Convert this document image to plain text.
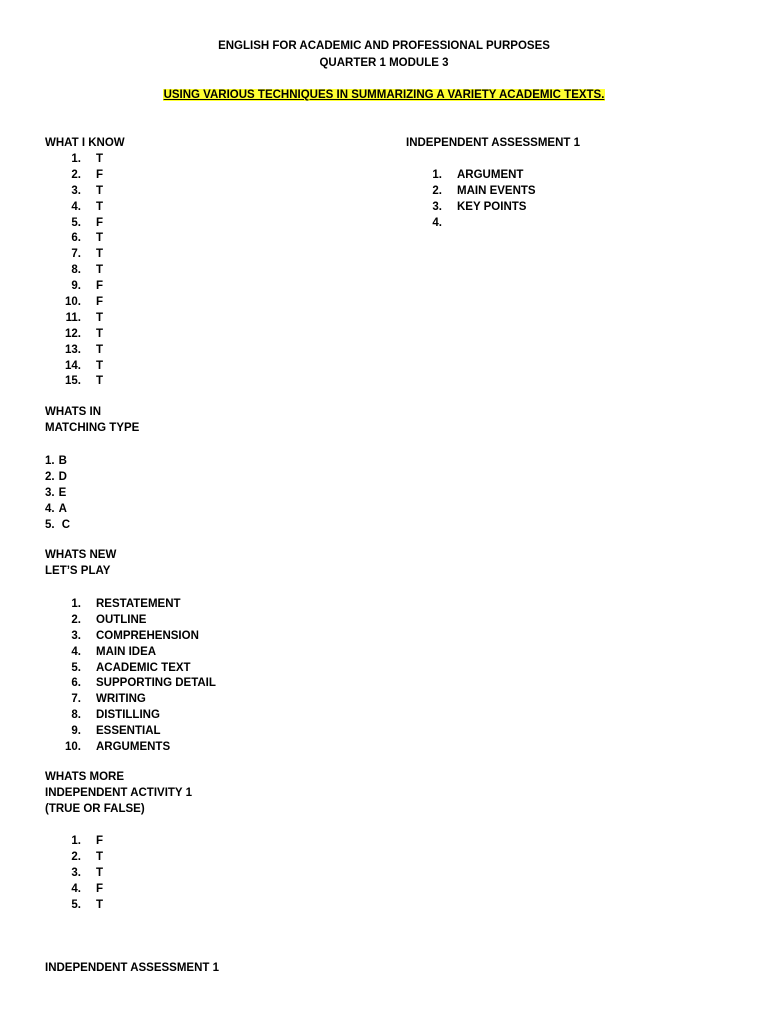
ENGLISH FOR ACADEMIC AND PROFESSIONAL PURPOSES
QUARTER 1 MODULE 3
USING VARIOUS TECHNIQUES IN SUMMARIZING A VARIETY ACADEMIC TEXTS.
WHAT I KNOW
1. T
2. F
3. T
4. T
5. F
6. T
7. T
8. T
9. F
10. F
11. T
12. T
13. T
14. T
15. T
WHATS IN
MATCHING TYPE
1. B
2. D
3. E
4. A
5. C
WHATS NEW
LET’S PLAY
1. RESTATEMENT
2. OUTLINE
3. COMPREHENSION
4. MAIN IDEA
5. ACADEMIC TEXT
6. SUPPORTING DETAIL
7. WRITING
8. DISTILLING
9. ESSENTIAL
10. ARGUMENTS
WHATS MORE
INDEPENDENT ACTIVITY 1
(TRUE OR FALSE)
1. F
2. T
3. T
4. F
5. T
INDEPENDENT ASSESSMENT 1
INDEPENDENT ASSESSMENT 1
1. ARGUMENT
2. MAIN EVENTS
3. KEY POINTS
4.
